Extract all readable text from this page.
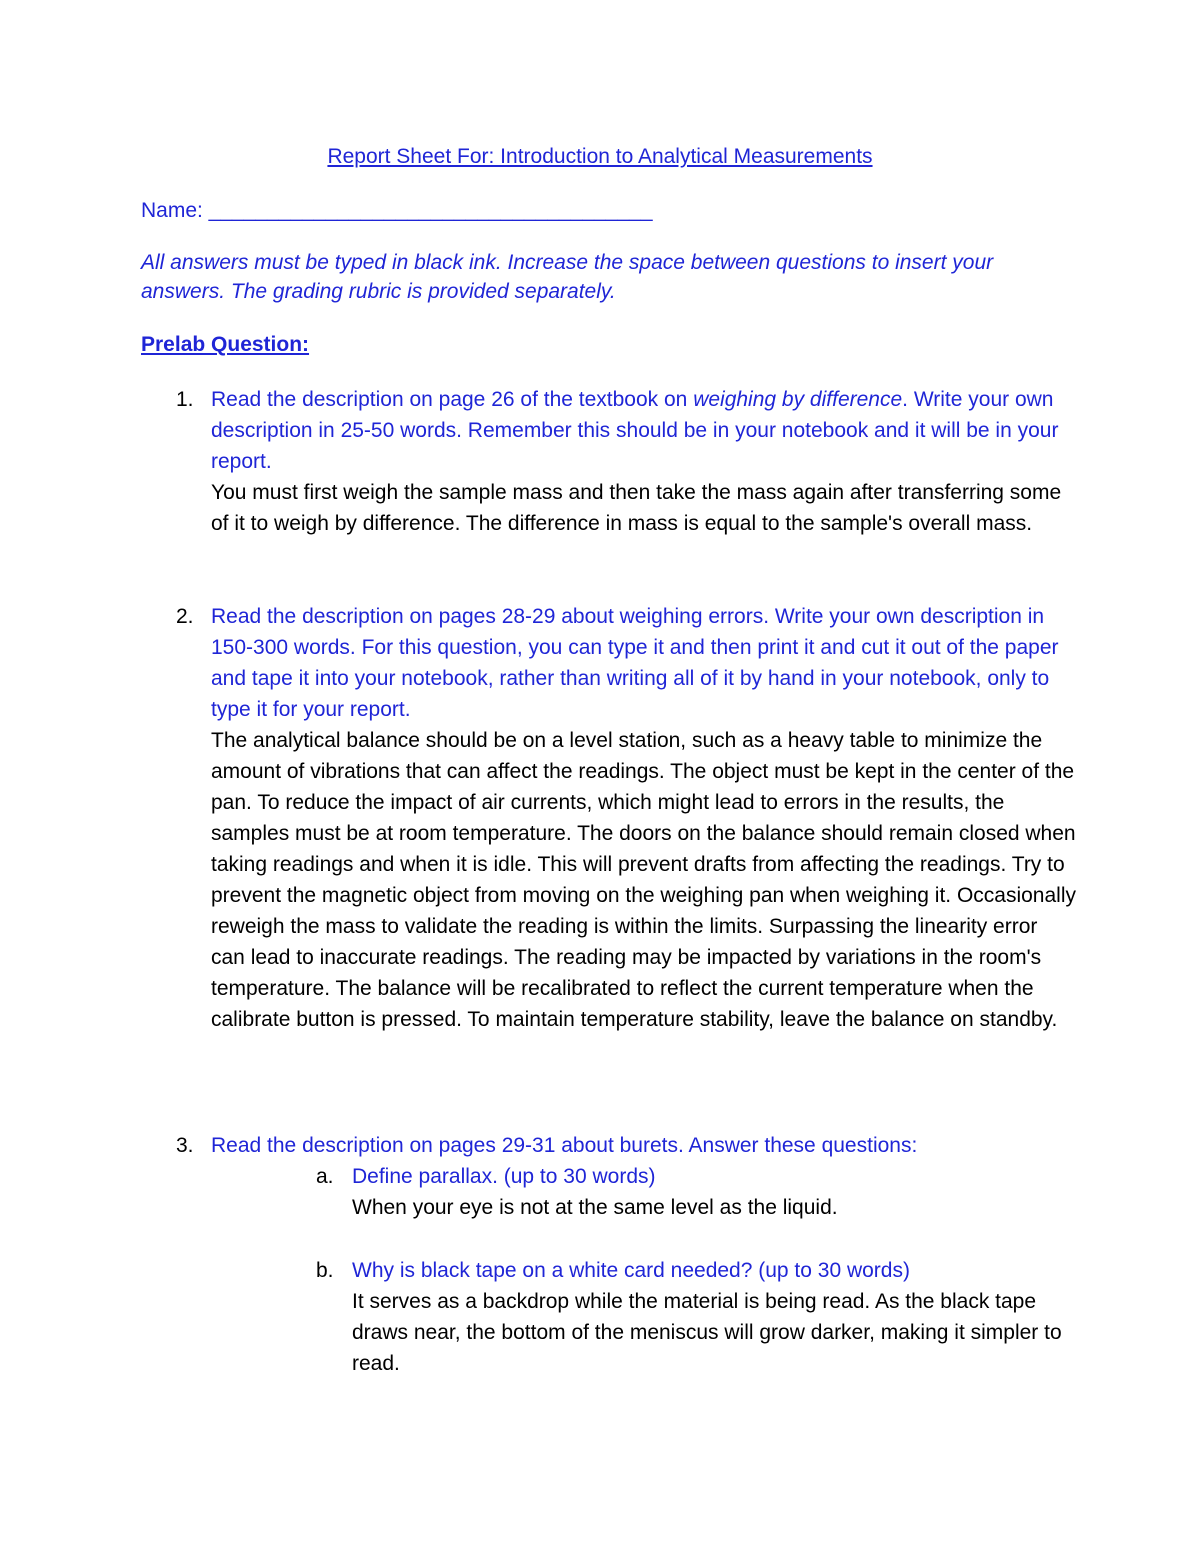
Report Sheet For: Introduction to Analytical Measurements
Name: ______________________________________
All answers must be typed in black ink. Increase the space between questions to insert your answers. The grading rubric is provided separately.
Prelab Question:
1. Read the description on page 26 of the textbook on weighing by difference. Write your own description in 25-50 words. Remember this should be in your notebook and it will be in your report.
You must first weigh the sample mass and then take the mass again after transferring some of it to weigh by difference. The difference in mass is equal to the sample's overall mass.
2. Read the description on pages 28-29 about weighing errors. Write your own description in 150-300 words. For this question, you can type it and then print it and cut it out of the paper and tape it into your notebook, rather than writing all of it by hand in your notebook, only to type it for your report.
The analytical balance should be on a level station, such as a heavy table to minimize the amount of vibrations that can affect the readings. The object must be kept in the center of the pan. To reduce the impact of air currents, which might lead to errors in the results, the samples must be at room temperature. The doors on the balance should remain closed when taking readings and when it is idle. This will prevent drafts from affecting the readings. Try to prevent the magnetic object from moving on the weighing pan when weighing it. Occasionally reweigh the mass to validate the reading is within the limits. Surpassing the linearity error can lead to inaccurate readings. The reading may be impacted by variations in the room's temperature. The balance will be recalibrated to reflect the current temperature when the calibrate button is pressed. To maintain temperature stability, leave the balance on standby.
3. Read the description on pages 29-31 about burets. Answer these questions:
a. Define parallax. (up to 30 words)
When your eye is not at the same level as the liquid.
b. Why is black tape on a white card needed? (up to 30 words)
It serves as a backdrop while the material is being read. As the black tape draws near, the bottom of the meniscus will grow darker, making it simpler to read.
